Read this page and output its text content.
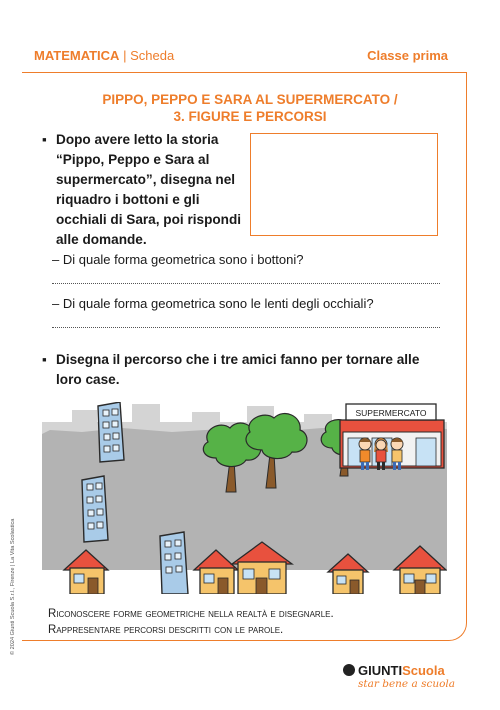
MATEMATICA | Scheda	Classe prima
PIPPO, PEPPO E SARA AL SUPERMERCATO /
3. FIGURE E PERCORSI
▪ Dopo avere letto la storia “Pippo, Peppo e Sara al supermercato”, disegna nel riquadro i bottoni e gli occhiali di Sara, poi rispondi alle domande.
– Di quale forma geometrica sono i bottoni?
– Di quale forma geometrica sono le lenti degli occhiali?
▪ Disegna il percorso che i tre amici fanno per tornare alle loro case.
SUPERMERCATO
Riconoscere forme geometriche nella realtà e disegnarle.
Rappresentare percorsi descritti con le parole.
© 2024 Giunti Scuola S.r.l., Firenze | La Vita Scolastica
GIUNTIScuola
star bene a scuola
